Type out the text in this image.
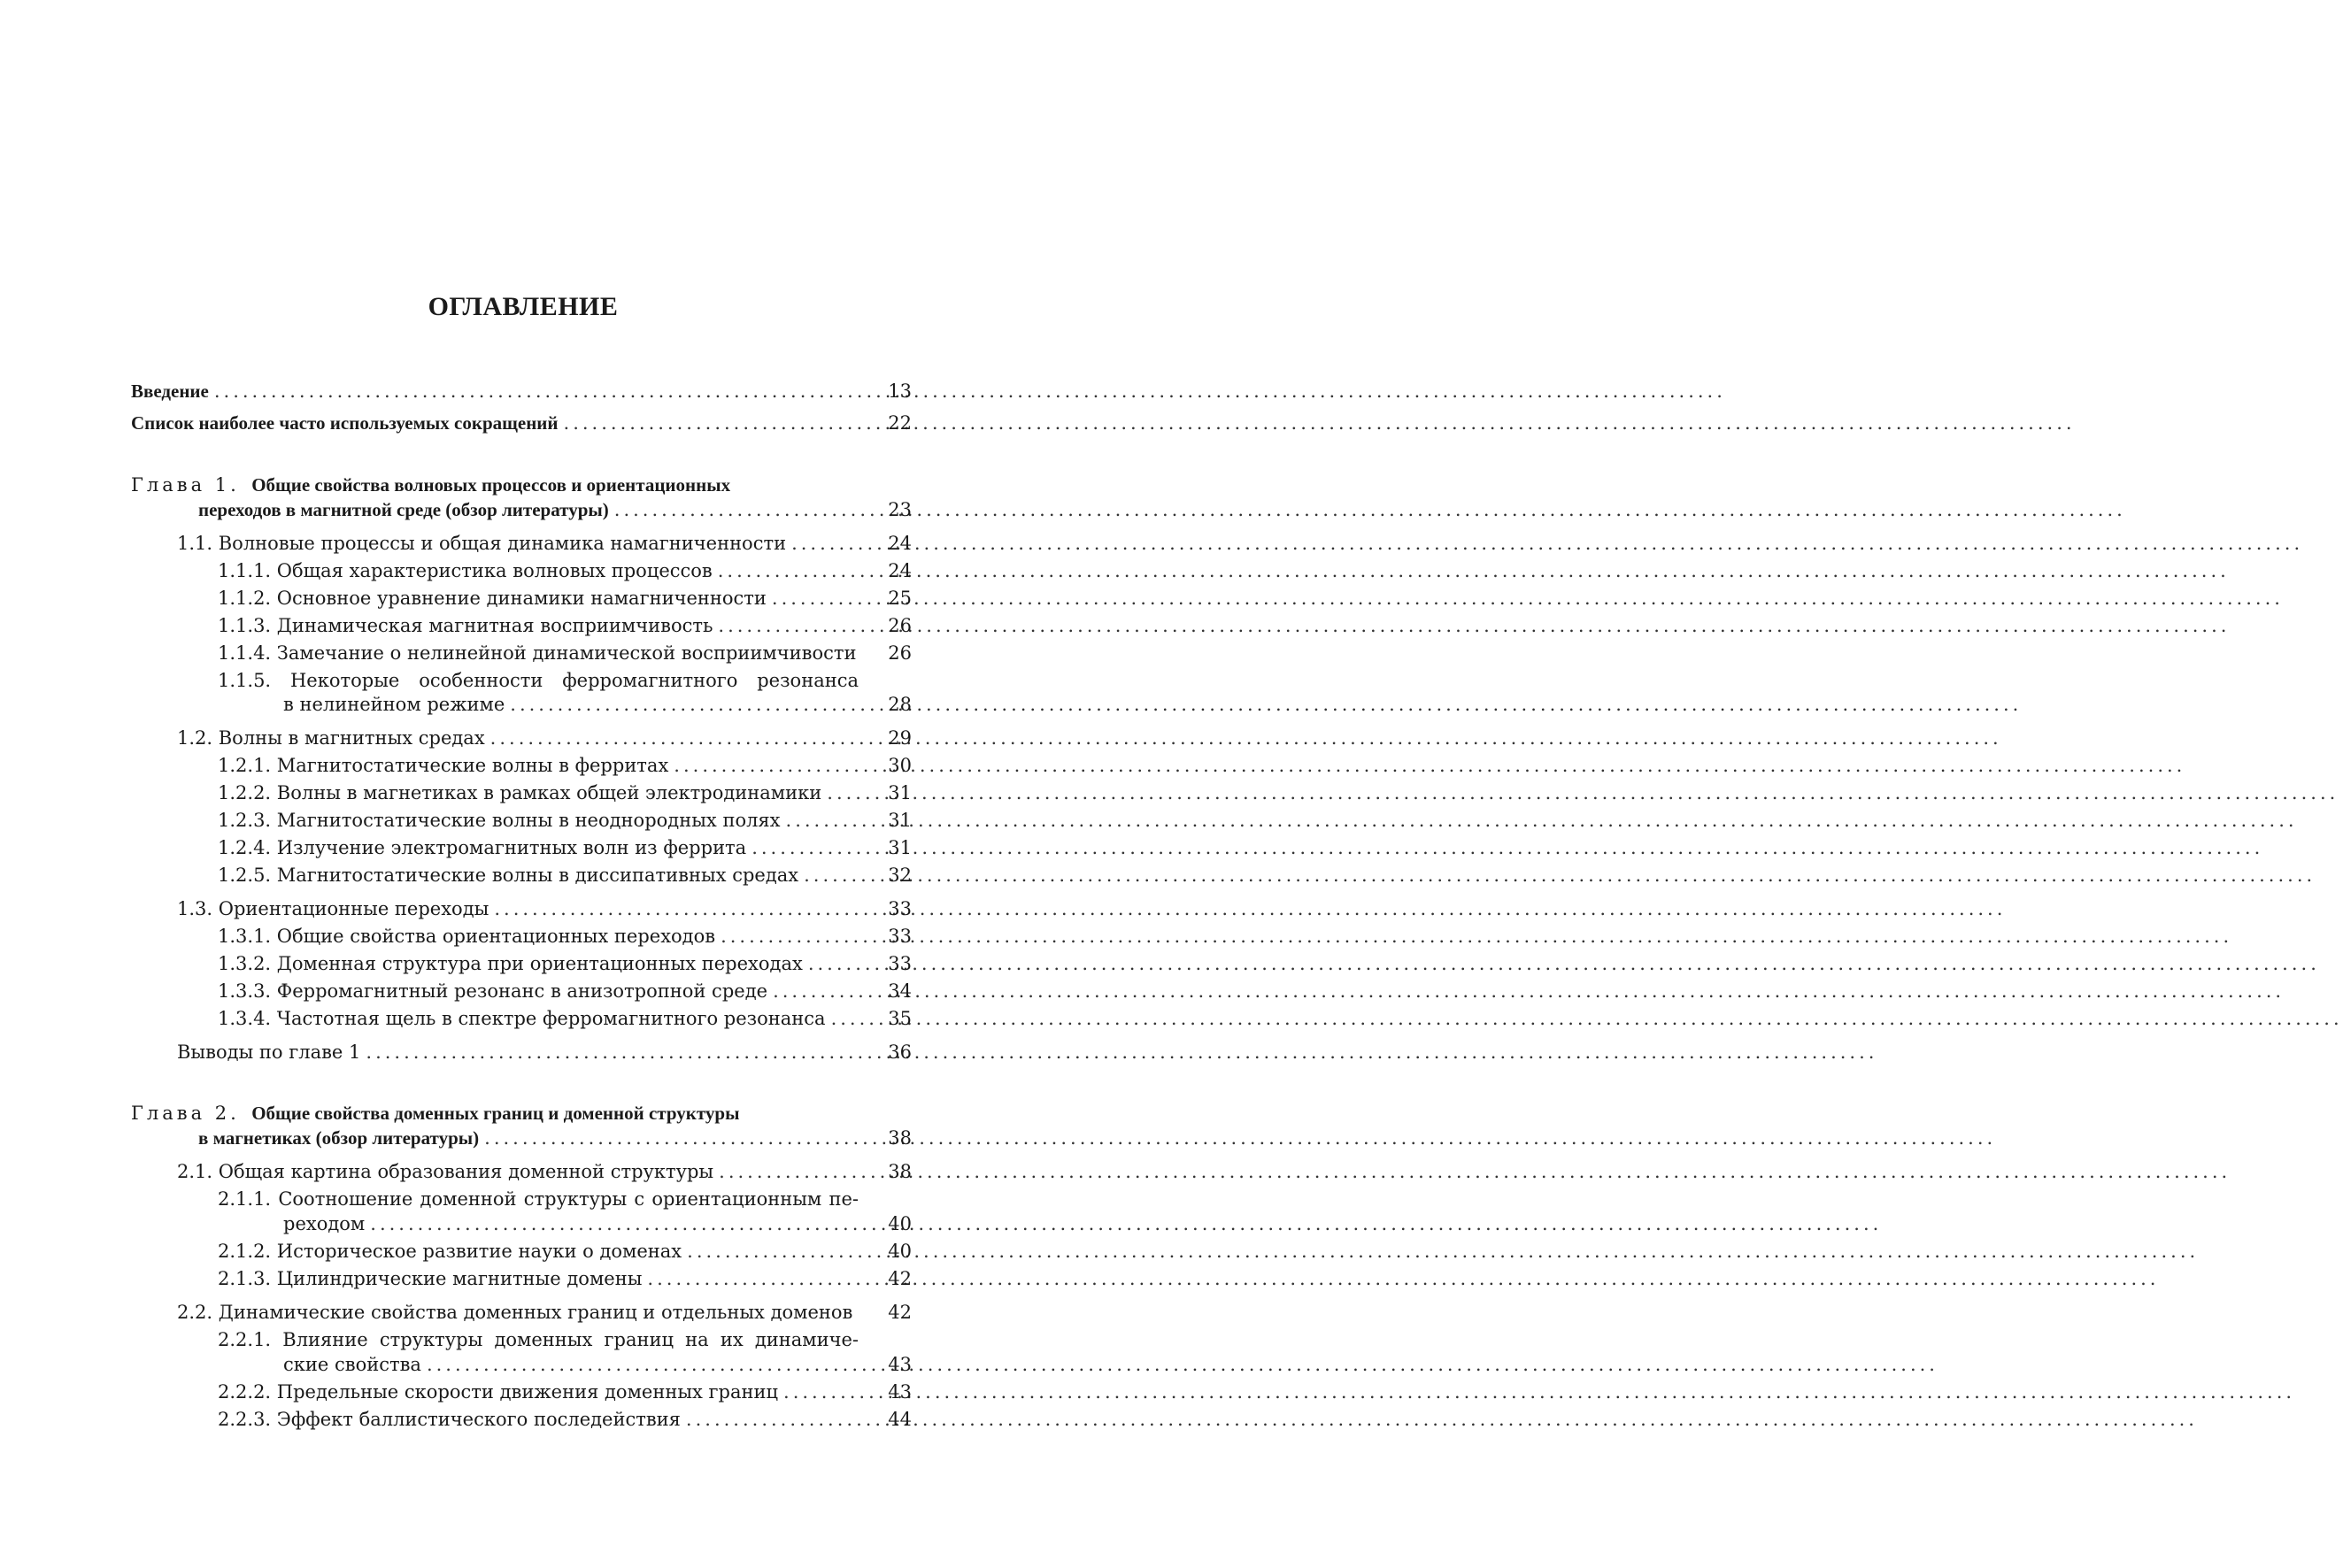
ОГЛАВЛЕНИЕ
Введение .....	13
Список наиболее часто используемых сокращений .....	22
Глава 1.
Общие свойства волновых процессов и ориентационных
переходов в магнитной среде (обзор литературы) .....	23
1.1. Волновые процессы и общая динамика намагниченности .....	24
1.1.1. Общая характеристика волновых процессов .....	24
1.1.2. Основное уравнение динамики намагниченности .....	25
1.1.3. Динамическая магнитная восприимчивость .....	26
1.1.4. Замечание о нелинейной динамической восприимчивости	26
1.1.5. Некоторые особенности ферромагнитного резонанса
в нелинейном режиме .....	28
1.2. Волны в магнитных средах .....	29
1.2.1. Магнитостатические волны в ферритах .....	30
1.2.2. Волны в магнетиках в рамках общей электродинамики .....	31
1.2.3. Магнитостатические волны в неоднородных полях .....	31
1.2.4. Излучение электромагнитных волн из феррита .....	31
1.2.5. Магнитостатические волны в диссипативных средах .....	32
1.3. Ориентационные переходы .....	33
1.3.1. Общие свойства ориентационных переходов .....	33
1.3.2. Доменная структура при ориентационных переходах .....	33
1.3.3. Ферромагнитный резонанс в анизотропной среде .....	34
1.3.4. Частотная щель в спектре ферромагнитного резонанса .....	35
Выводы по главе 1 .....	36
Глава 2.
Общие свойства доменных границ и доменной структуры
в магнетиках (обзор литературы) .....	38
2.1. Общая картина образования доменной структуры .....	38
2.1.1. Соотношение доменной структуры с ориентационным пе-
реходом .....	40
2.1.2. Историческое развитие науки о доменах .....	40
2.1.3. Цилиндрические магнитные домены .....	42
2.2. Динамические свойства доменных границ и отдельных доменов	42
2.2.1. Влияние структуры доменных границ на их динамиче-
ские свойства .....	43
2.2.2. Предельные скорости движения доменных границ .....	43
2.2.3. Эффект баллистического последействия .....	44
